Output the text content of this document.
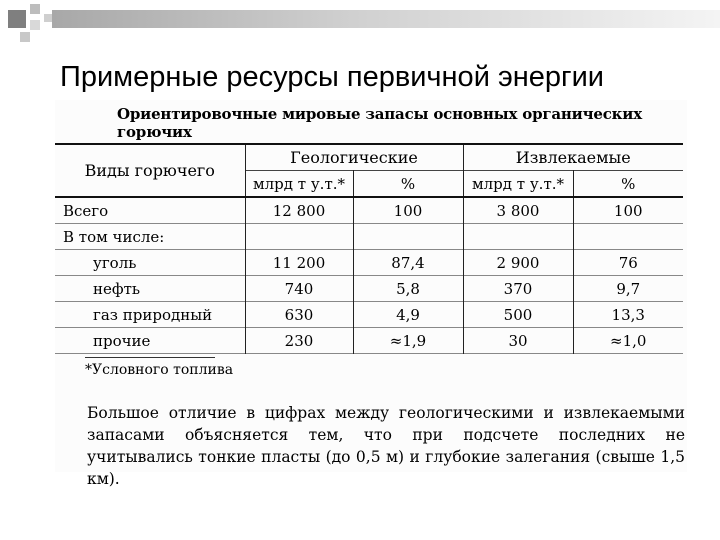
Примерные ресурсы первичной энергии
Ориентировочные мировые запасы основных органических горючих
Виды горючего	Геологические		Извлекаемые	
	млрд т у.т.*	%	млрд т у.т.*	%
Всего	12 800	100	3 800	100
В том числе:				
уголь	11 200	87,4	2 900	76
нефть	740	5,8	370	9,7
газ природный	630	4,9	500	13,3
прочие	230	≈1,9	30	≈1,0
*Условного топлива
Большое отличие в цифрах между геологическими и извлекаемыми запасами объясняется тем, что при подсчете последних не учитывались тонкие пласты (до 0,5 м) и глубокие залегания (свыше 1,5 км).
